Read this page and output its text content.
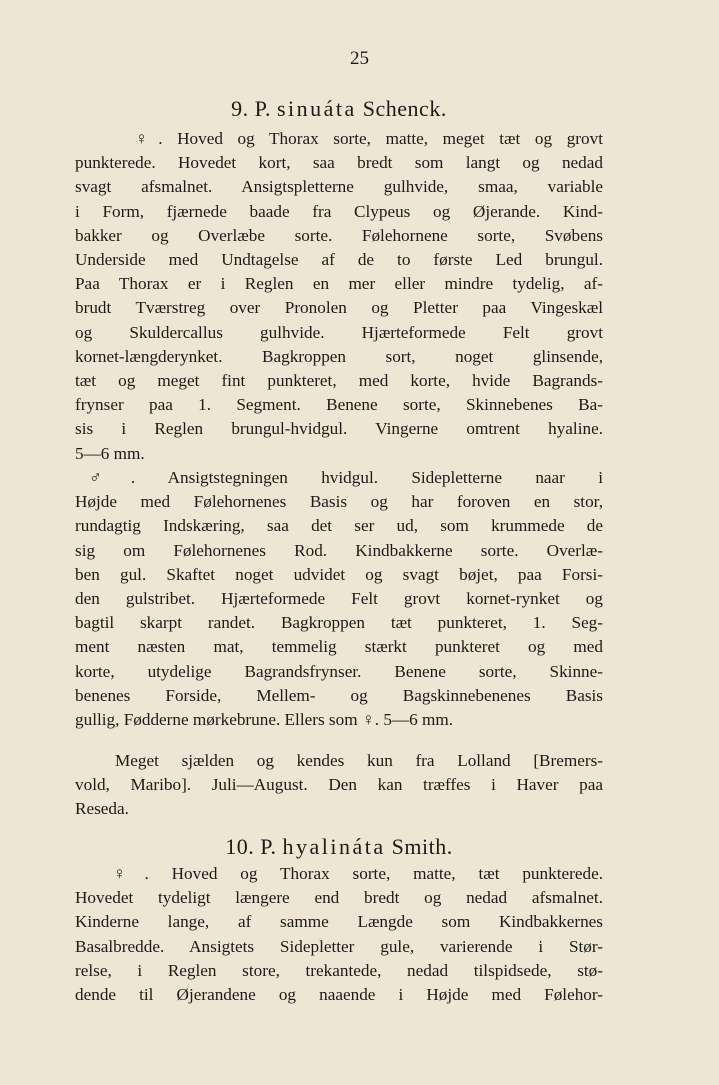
25
9. P. sinuáta Schenck.
♀. Hoved og Thorax sorte, matte, meget tæt og grovt
punkterede. Hovedet kort, saa bredt som langt og nedad
svagt afsmalnet. Ansigtspletterne gulhvide, smaa, variable
i Form, fjærnede baade fra Clypeus og Øjerande. Kind-
bakker og Overlæbe sorte. Følehornene sorte, Svøbens
Underside med Undtagelse af de to første Led brungul.
Paa Thorax er i Reglen en mer eller mindre tydelig, af-
brudt Tværstreg over Pronolen og Pletter paa Vingeskæl
og Skuldercallus gulhvide. Hjærteformede Felt grovt
kornet-længderynket. Bagkroppen sort, noget glinsende,
tæt og meget fint punkteret, med korte, hvide Bagrands-
frynser paa 1. Segment. Benene sorte, Skinnebenes Ba-
sis i Reglen brungul-hvidgul. Vingerne omtrent hyaline.
5—6 mm.
♂. Ansigtstegningen hvidgul. Sidepletterne naar i
Højde med Følehornenes Basis og har foroven en stor,
rundagtig Indskæring, saa det ser ud, som krummede de
sig om Følehornenes Rod. Kindbakkerne sorte. Overlæ-
ben gul. Skaftet noget udvidet og svagt bøjet, paa Forsi-
den gulstribet. Hjærteformede Felt grovt kornet-rynket og
bagtil skarpt randet. Bagkroppen tæt punkteret, 1. Seg-
ment næsten mat, temmelig stærkt punkteret og med
korte, utydelige Bagrandsfrynser. Benene sorte, Skinne-
benenes Forside, Mellem- og Bagskinnebenenes Basis
gullig, Fødderne mørkebrune. Ellers som ♀. 5—6 mm.
Meget sjælden og kendes kun fra Lolland [Bremers-
vold, Maribo]. Juli—August. Den kan træffes i Haver paa
Reseda.
10. P. hyalináta Smith.
♀. Hoved og Thorax sorte, matte, tæt punkterede.
Hovedet tydeligt længere end bredt og nedad afsmalnet.
Kinderne lange, af samme Længde som Kindbakkernes
Basalbredde. Ansigtets Sidepletter gule, varierende i Stør-
relse, i Reglen store, trekantede, nedad tilspidsede, stø-
dende til Øjerandene og naaende i Højde med Følehor-
